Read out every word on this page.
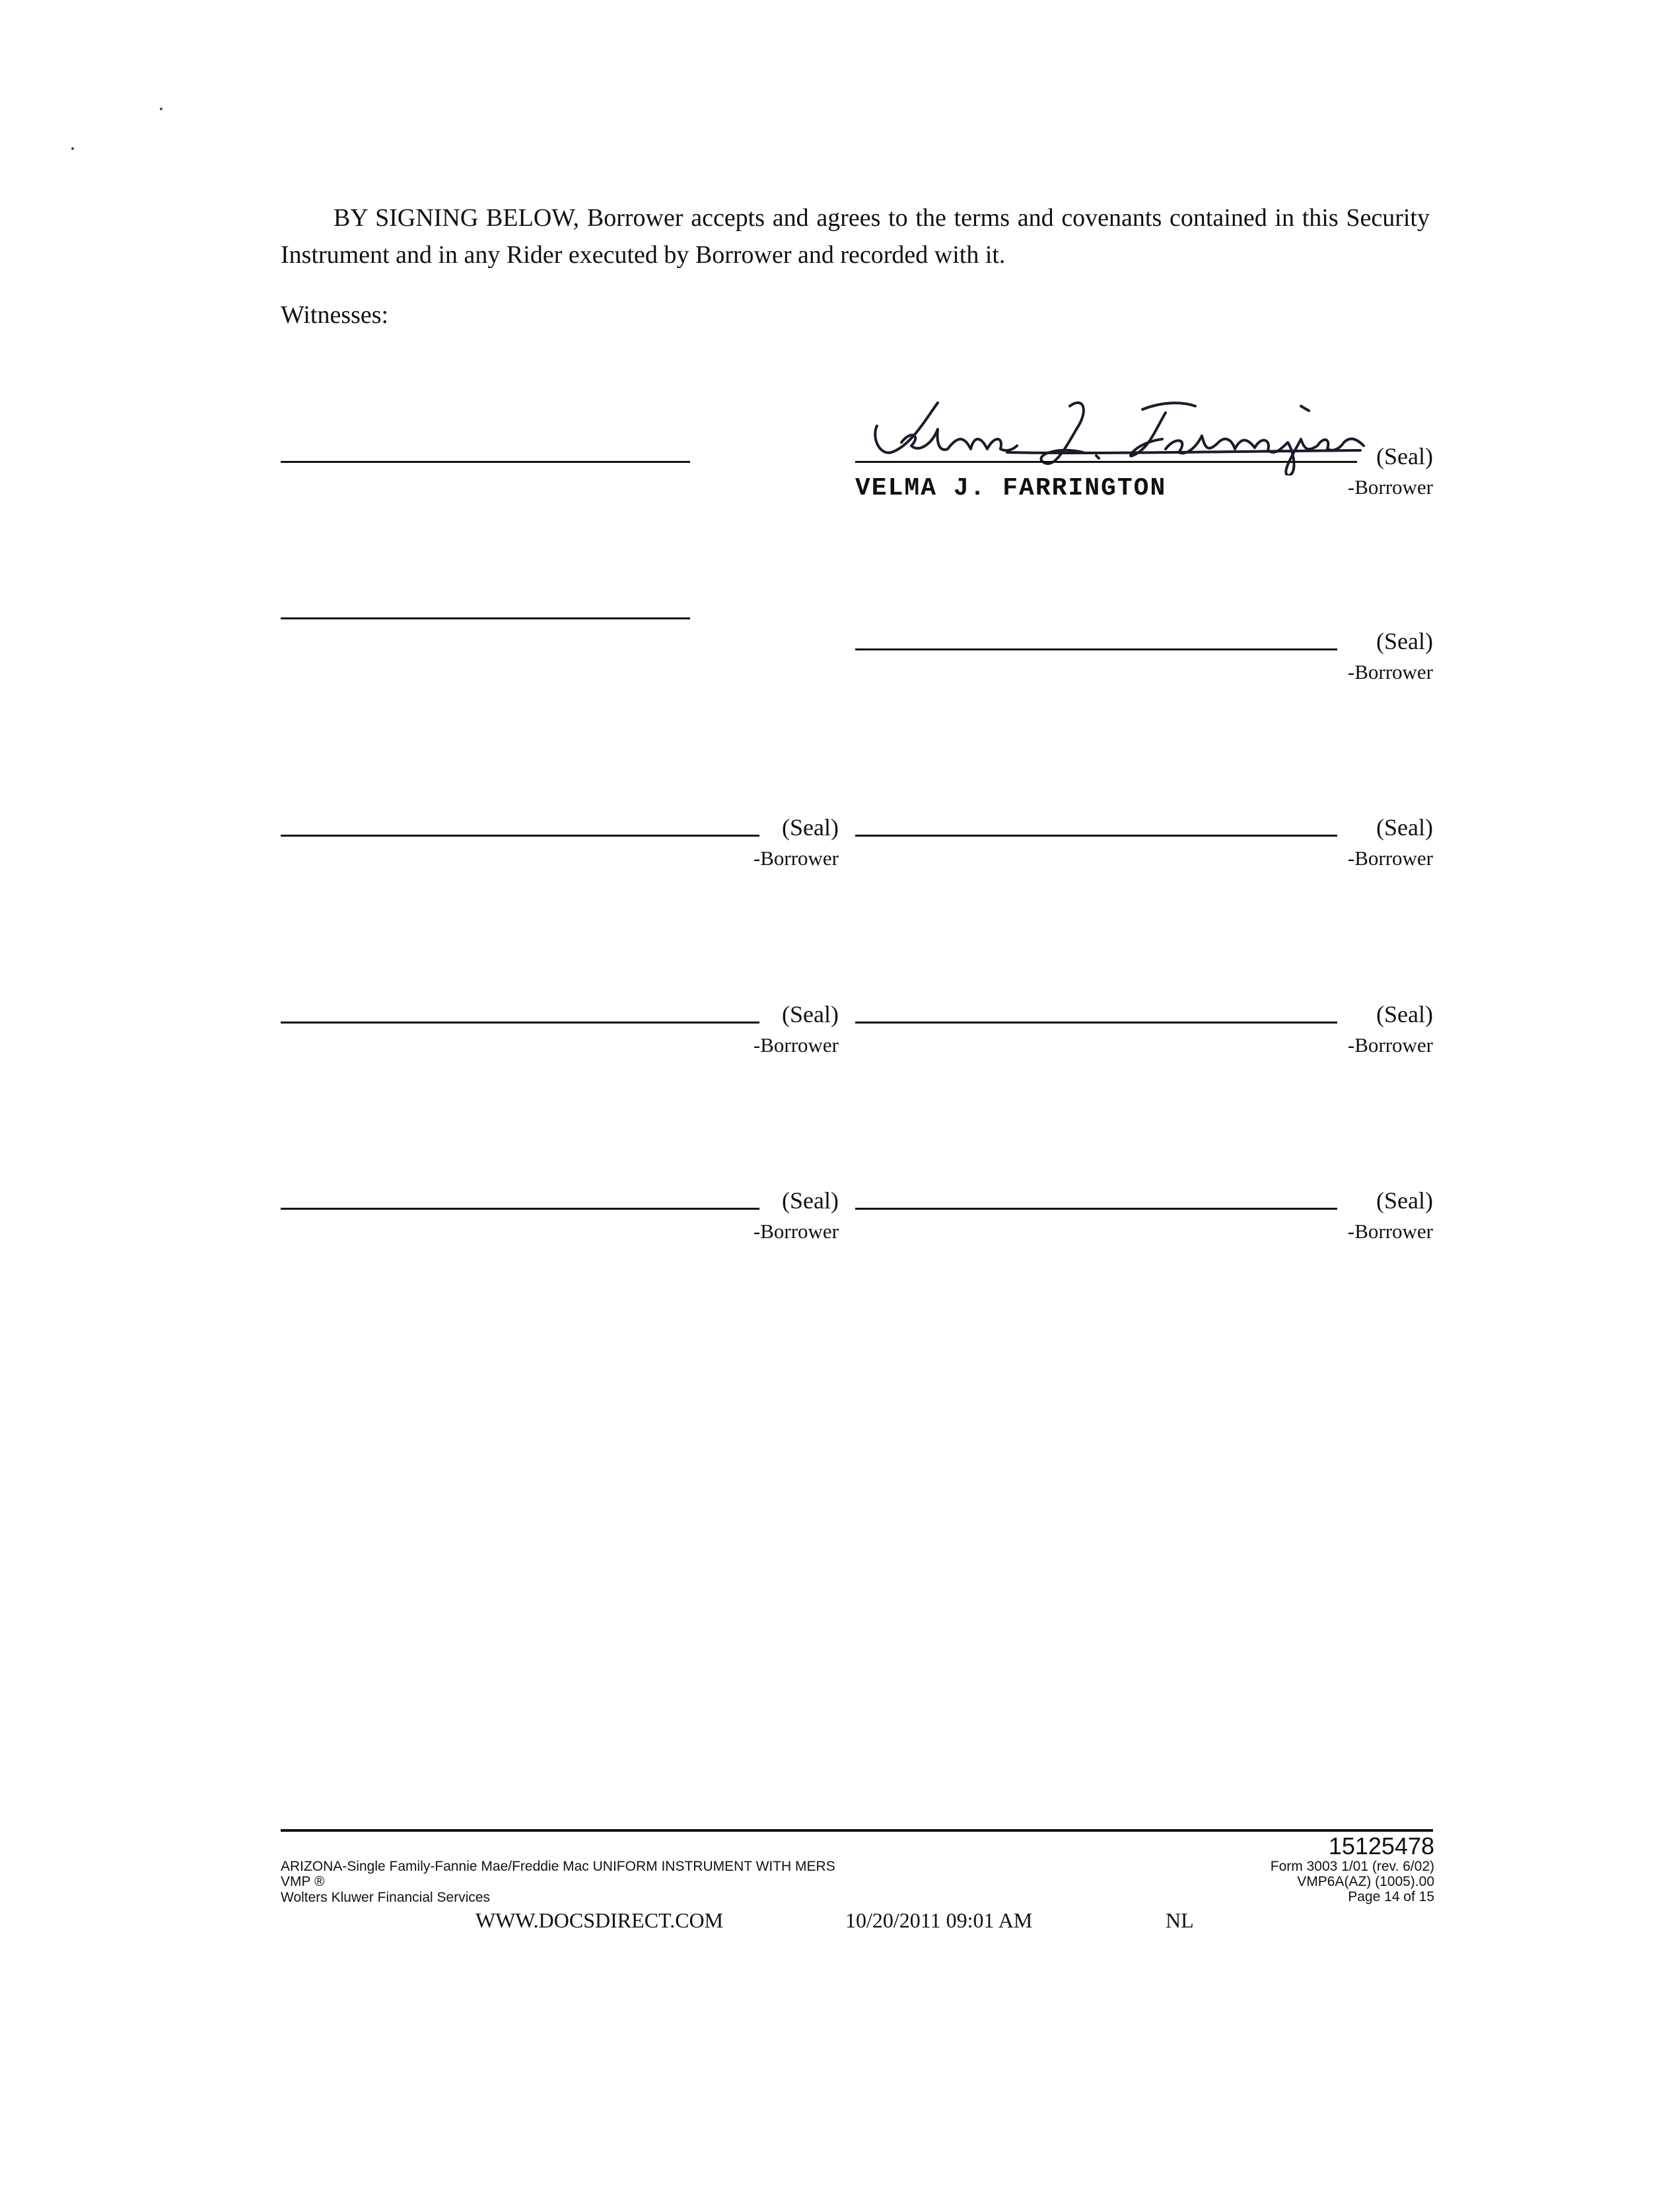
BY SIGNING BELOW, Borrower accepts and agrees to the terms and covenants contained in this Security Instrument and in any Rider executed by Borrower and recorded with it.
Witnesses:
(Seal)
-Borrower
VELMA J. FARRINGTON
(Seal)
-Borrower
(Seal)
-Borrower
(Seal)
-Borrower
(Seal)
-Borrower
(Seal)
-Borrower
(Seal)
-Borrower
(Seal)
-Borrower
15125478
ARIZONA-Single Family-Fannie Mae/Freddie Mac UNIFORM INSTRUMENT WITH MERS
VMP ®
Wolters Kluwer Financial Services
Form 3003 1/01 (rev. 6/02)
VMP6A(AZ) (1005).00
Page 14 of 15
WWW.DOCSDIRECT.COM	10/20/2011 09:01 AM	NL
